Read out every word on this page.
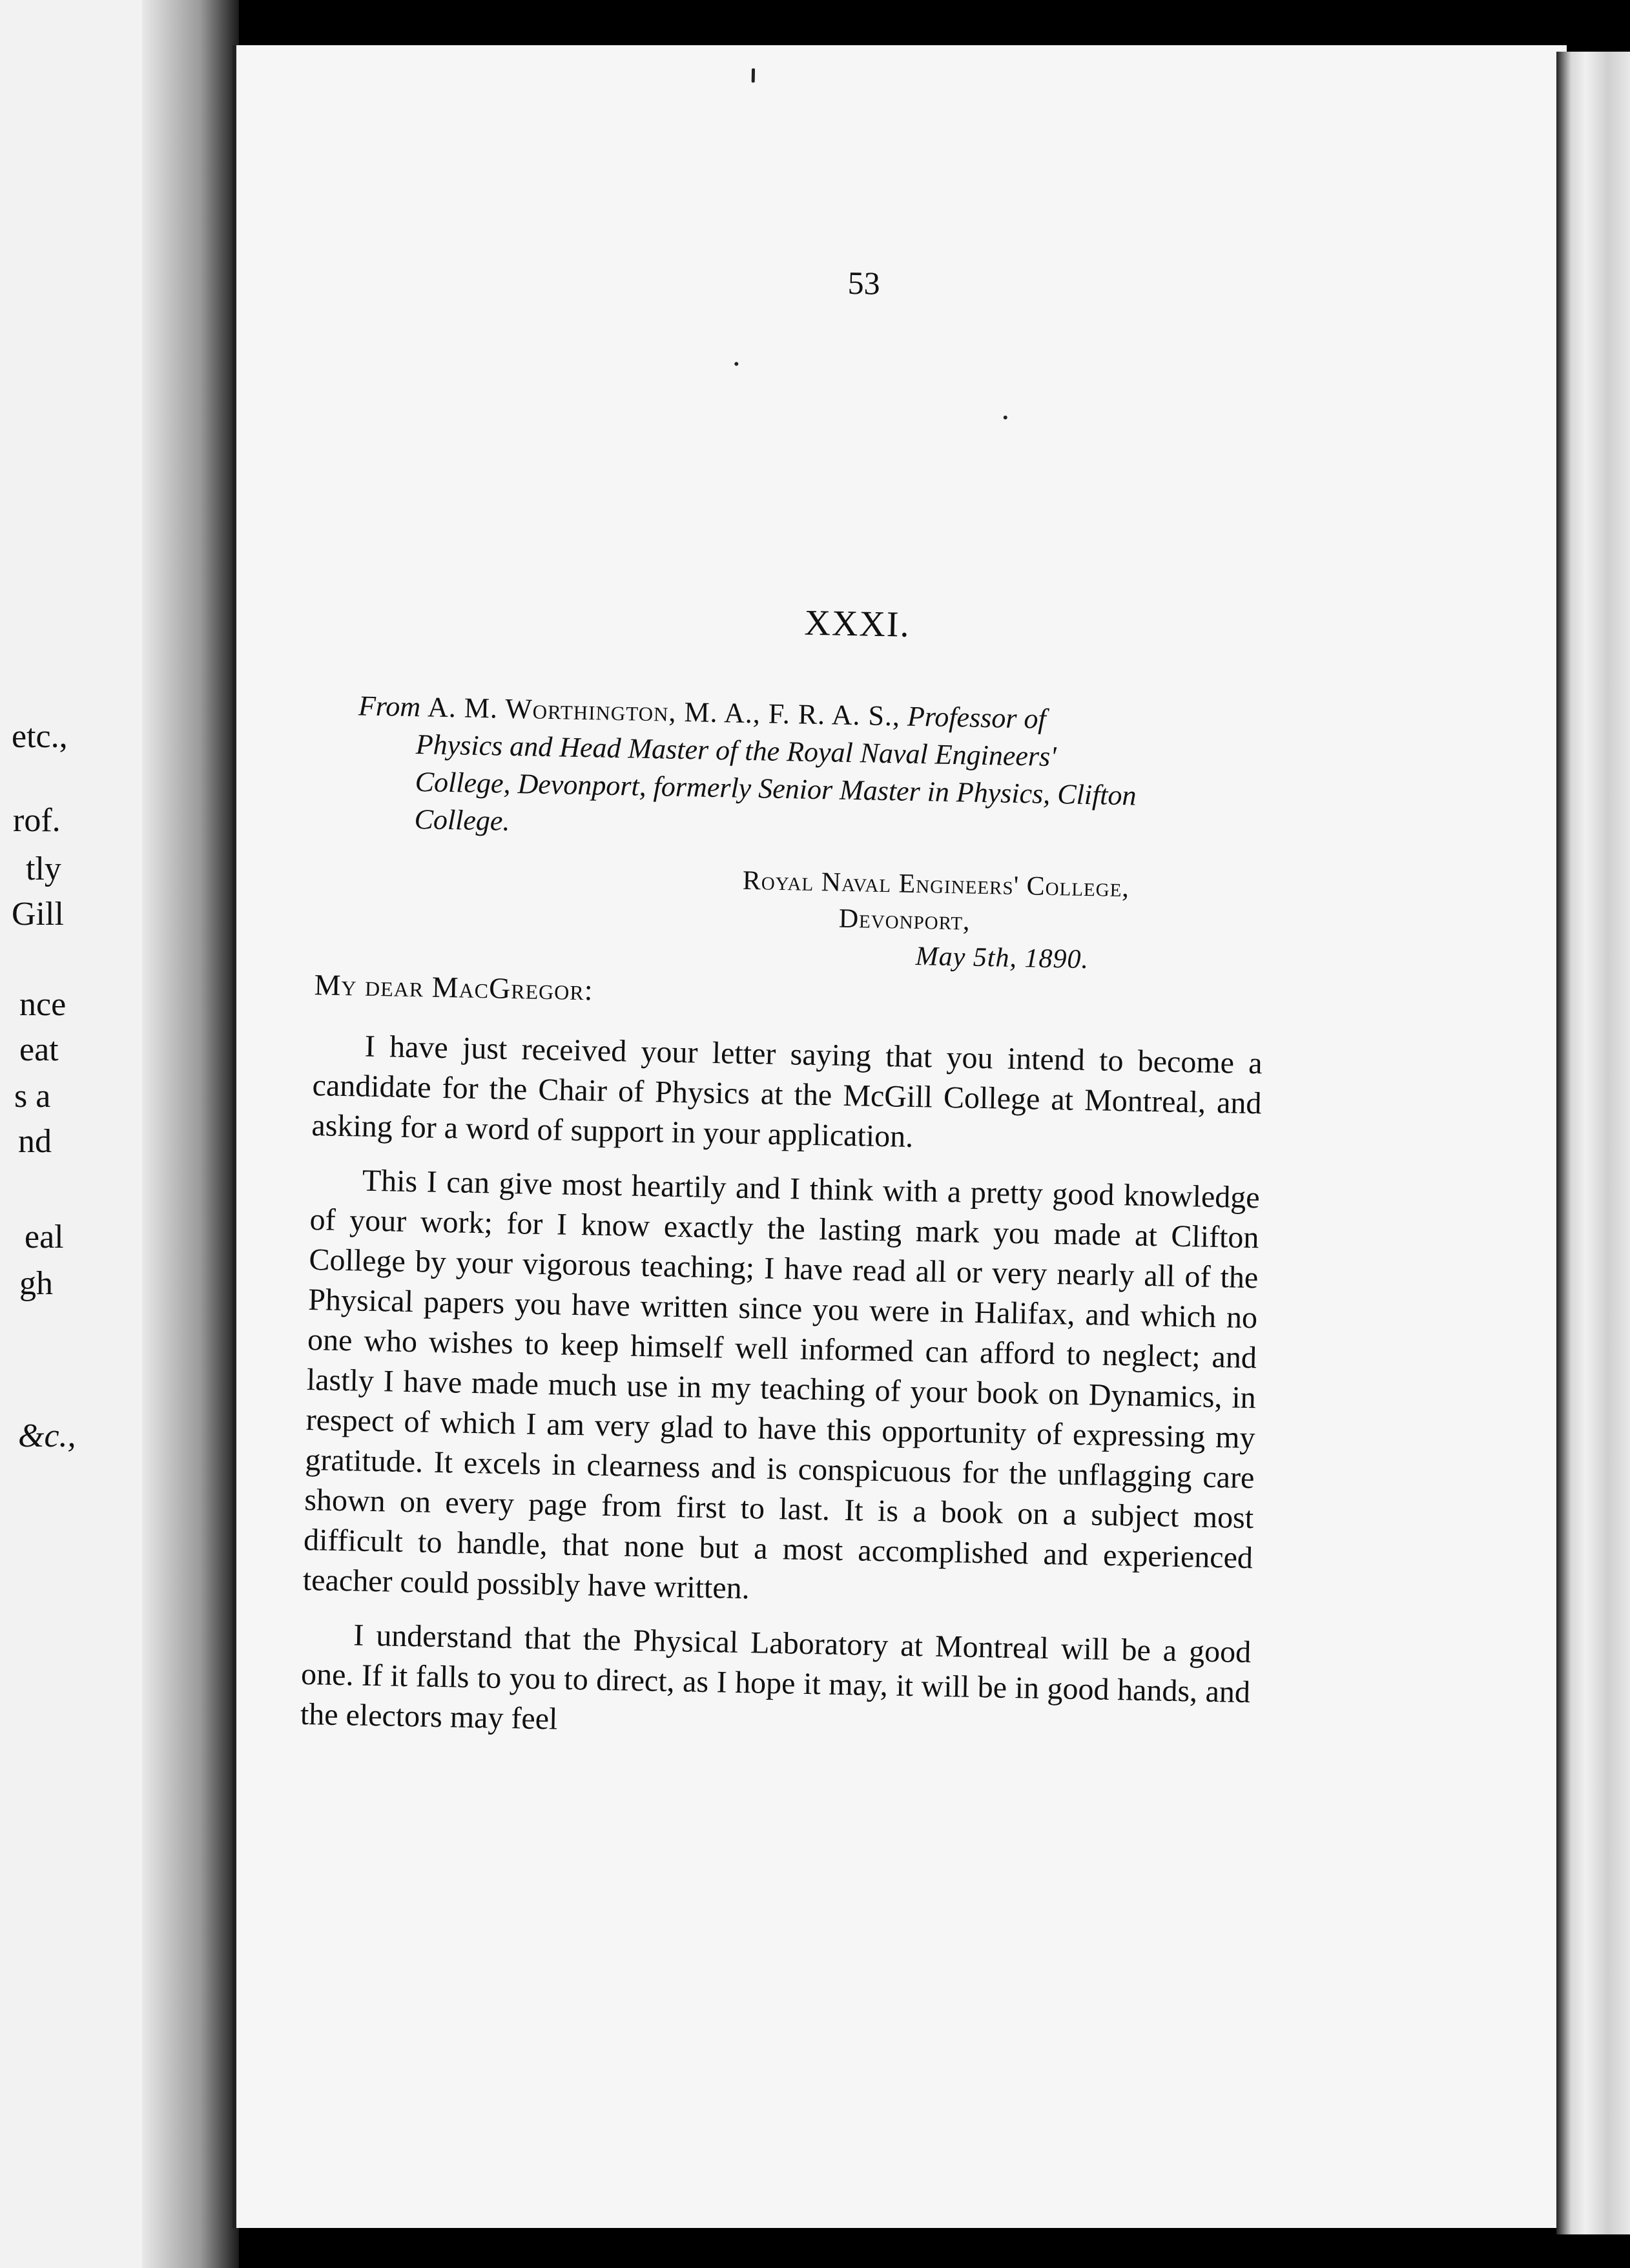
etc.,
rof.
tly
Gill
nce
eat
s a
nd
eal
gh
&c.,
53
XXXI.
From A. M. Worthington, M. A., F. R. A. S., Professor of
Physics and Head Master of the Royal Naval Engineers'
College, Devonport, formerly Senior Master in Physics, Clifton
College.
Royal Naval Engineers' College,
Devonport,
May 5th, 1890.
My dear MacGregor:

I have just received your letter saying that you intend to become a candidate for the Chair of Physics at the McGill College at Montreal, and asking for a word of support in your application.

This I can give most heartily and I think with a pretty good knowledge of your work; for I know exactly the lasting mark you made at Clifton College by your vigorous teaching; I have read all or very nearly all of the Physical papers you have written since you were in Halifax, and which no one who wishes to keep himself well informed can afford to neglect; and lastly I have made much use in my teaching of your book on Dynamics, in respect of which I am very glad to have this opportunity of expressing my gratitude. It excels in clearness and is conspicuous for the unflagging care shown on every page from first to last. It is a book on a subject most difficult to handle, that none but a most accomplished and experienced teacher could possibly have written.

I understand that the Physical Laboratory at Montreal will be a good one. If it falls to you to direct, as I hope it may, it will be in good hands, and the electors may feel
